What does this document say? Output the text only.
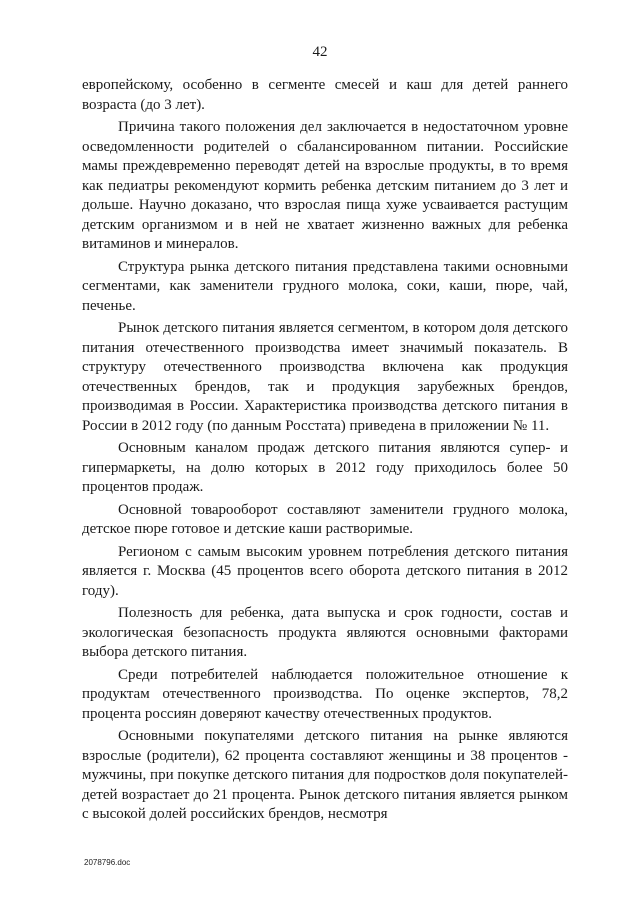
42

европейскому, особенно в сегменте смесей и каш для детей раннего возраста (до 3 лет).

Причина такого положения дел заключается в недостаточном уровне осведомленности родителей о сбалансированном питании. Российские мамы преждевременно переводят детей на взрослые продукты, в то время как педиатры рекомендуют кормить ребенка детским питанием до 3 лет и дольше. Научно доказано, что взрослая пища хуже усваивается растущим детским организмом и в ней не хватает жизненно важных для ребенка витаминов и минералов.

Структура рынка детского питания представлена такими основными сегментами, как заменители грудного молока, соки, каши, пюре, чай, печенье.

Рынок детского питания является сегментом, в котором доля детского питания отечественного производства имеет значимый показатель. В структуру отечественного производства включена как продукция отечественных брендов, так и продукция зарубежных брендов, производимая в России. Характеристика производства детского питания в России в 2012 году (по данным Росстата) приведена в приложении № 11.

Основным каналом продаж детского питания являются супер- и гипермаркеты, на долю которых в 2012 году приходилось более 50 процентов продаж.

Основной товарооборот составляют заменители грудного молока, детское пюре готовое и детские каши растворимые.

Регионом с самым высоким уровнем потребления детского питания является г. Москва (45 процентов всего оборота детского питания в 2012 году).

Полезность для ребенка, дата выпуска и срок годности, состав и экологическая безопасность продукта являются основными факторами выбора детского питания.

Среди потребителей наблюдается положительное отношение к продуктам отечественного производства. По оценке экспертов, 78,2 процента россиян доверяют качеству отечественных продуктов.

Основными покупателями детского питания на рынке являются взрослые (родители), 62 процента составляют женщины и 38 процентов - мужчины, при покупке детского питания для подростков доля покупателей-детей возрастает до 21 процента. Рынок детского питания является рынком с высокой долей российских брендов, несмотря

2078796.doc
